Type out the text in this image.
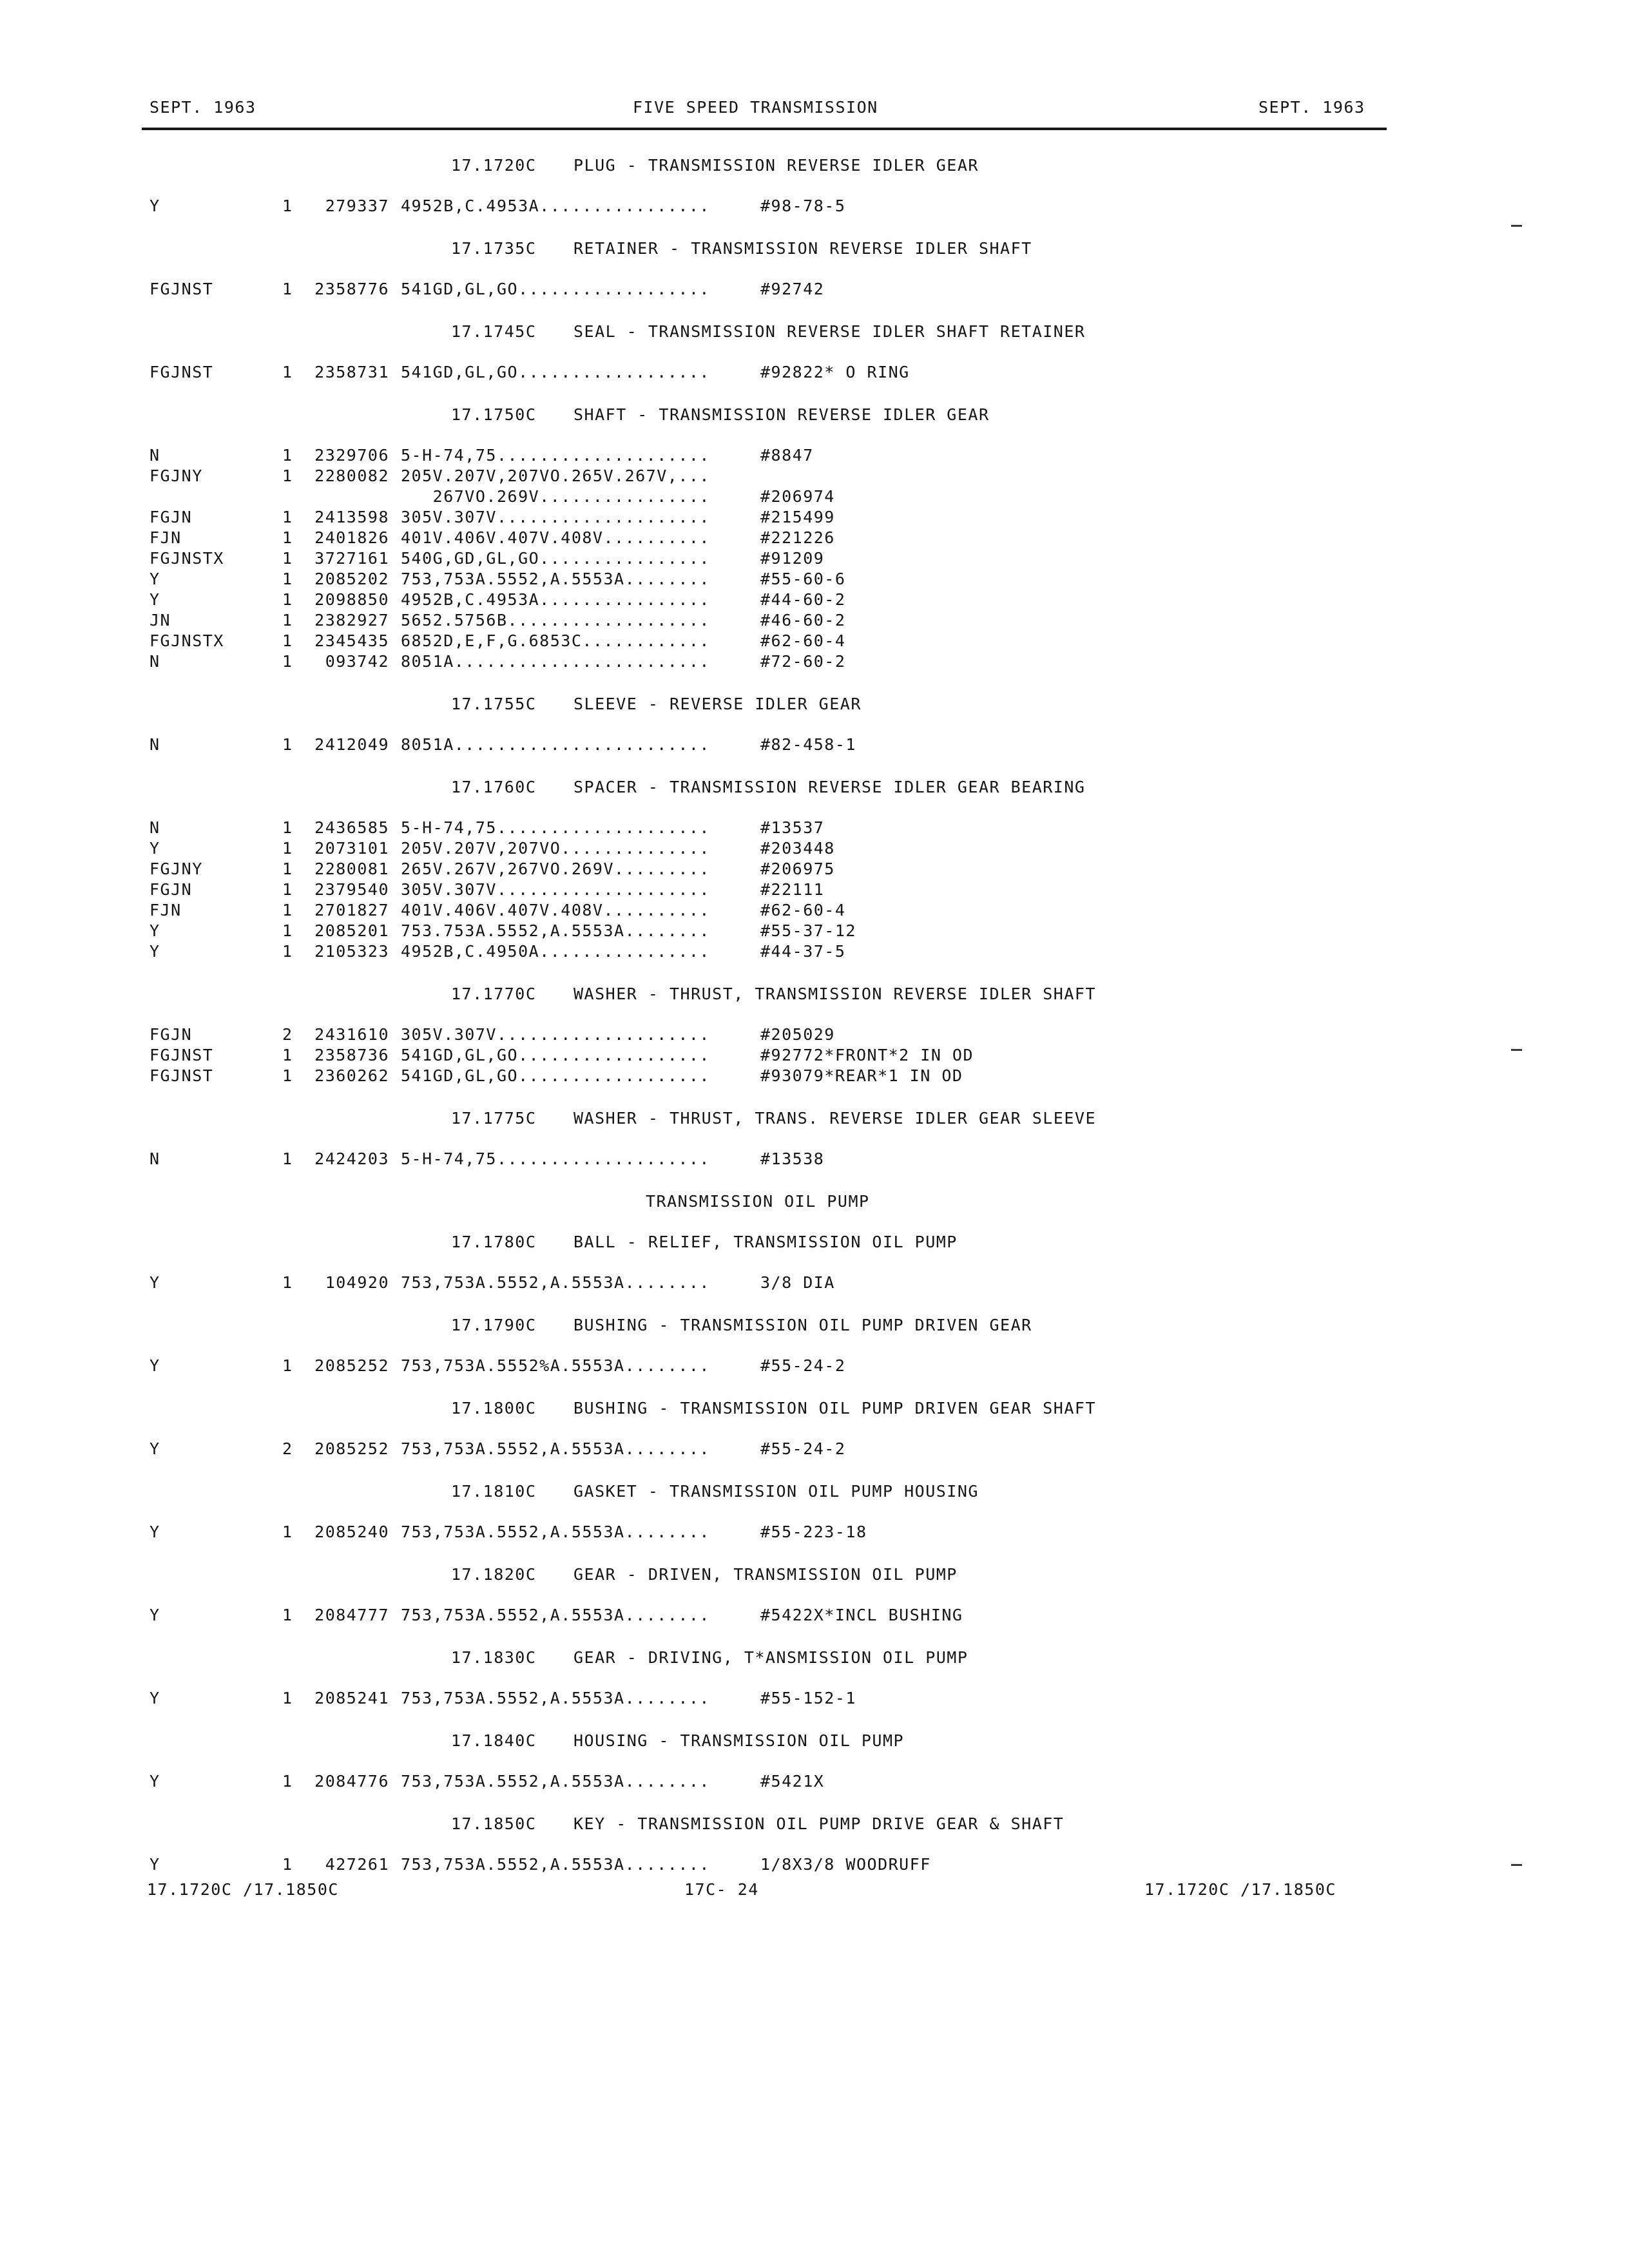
SEPT. 1963	FIVE SPEED TRANSMISSION	SEPT. 1963
17.1720C PLUG - TRANSMISSION REVERSE IDLER GEAR
Y	1	279337 4952B,C.4953A................	#98-78-5
17.1735C RETAINER - TRANSMISSION REVERSE IDLER SHAFT
FGJNST	1	2358776 541GD,GL,GO..................	#92742
17.1745C SEAL - TRANSMISSION REVERSE IDLER SHAFT RETAINER
FGJNST	1	2358731 541GD,GL,GO..................	#92822* O RING
17.1750C SHAFT - TRANSMISSION REVERSE IDLER GEAR
N	1	2329706 5-H-74,75....................	#8847
FGJNY	1	2280082 205V.207V,207VO.265V.267V,...
267VO.269V................	#206974
FGJN	1	2413598 305V.307V....................	#215499
FJN	1	2401826 401V.406V.407V.408V..........	#221226
FGJNSTX	1	3727161 540G,GD,GL,GO................	#91209
Y	1	2085202 753,753A.5552,A.5553A........	#55-60-6
Y	1	2098850 4952B,C.4953A................	#44-60-2
JN	1	2382927 5652.5756B...................	#46-60-2
FGJNSTX	1	2345435 6852D,E,F,G.6853C............	#62-60-4
N	1	093742 8051A........................	#72-60-2
17.1755C SLEEVE - REVERSE IDLER GEAR
N	1	2412049 8051A........................	#82-458-1
17.1760C SPACER - TRANSMISSION REVERSE IDLER GEAR BEARING
N	1	2436585 5-H-74,75....................	#13537
Y	1	2073101 205V.207V,207VO..............	#203448
FGJNY	1	2280081 265V.267V,267VO.269V.........	#206975
FGJN	1	2379540 305V.307V....................	#22111
FJN	1	2701827 401V.406V.407V.408V..........	#62-60-4
Y	1	2085201 753.753A.5552,A.5553A........	#55-37-12
Y	1	2105323 4952B,C.4950A................	#44-37-5
17.1770C WASHER - THRUST, TRANSMISSION REVERSE IDLER SHAFT
FGJN	2	2431610 305V.307V....................	#205029
FGJNST	1	2358736 541GD,GL,GO..................	#92772*FRONT*2 IN OD
FGJNST	1	2360262 541GD,GL,GO..................	#93079*REAR*1 IN OD
17.1775C WASHER - THRUST, TRANS. REVERSE IDLER GEAR SLEEVE
N	1	2424203 5-H-74,75....................	#13538
TRANSMISSION OIL PUMP
17.1780C BALL - RELIEF, TRANSMISSION OIL PUMP
Y	1	104920 753,753A.5552,A.5553A........	3/8 DIA
17.1790C BUSHING - TRANSMISSION OIL PUMP DRIVEN GEAR
Y	1	2085252 753,753A.5552%A.5553A........	#55-24-2
17.1800C BUSHING - TRANSMISSION OIL PUMP DRIVEN GEAR SHAFT
Y	2	2085252 753,753A.5552,A.5553A........	#55-24-2
17.1810C GASKET - TRANSMISSION OIL PUMP HOUSING
Y	1	2085240 753,753A.5552,A.5553A........	#55-223-18
17.1820C GEAR - DRIVEN, TRANSMISSION OIL PUMP
Y	1	2084777 753,753A.5552,A.5553A........	#5422X*INCL BUSHING
17.1830C GEAR - DRIVING, T*ANSMISSION OIL PUMP
Y	1	2085241 753,753A.5552,A.5553A........	#55-152-1
17.1840C HOUSING - TRANSMISSION OIL PUMP
Y	1	2084776 753,753A.5552,A.5553A........	#5421X
17.1850C KEY - TRANSMISSION OIL PUMP DRIVE GEAR & SHAFT
Y	1	427261 753,753A.5552,A.5553A........	1/8X3/8 WOODRUFF
17.1720C /17.1850C	17C- 24	17.1720C /17.1850C
